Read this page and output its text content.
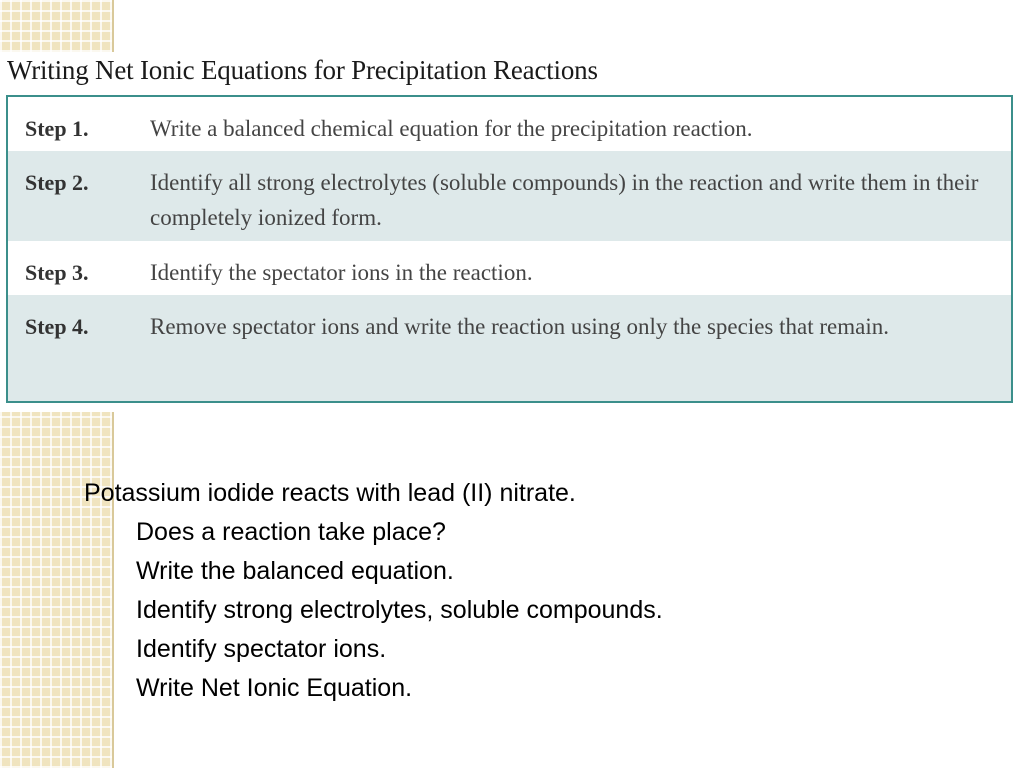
Writing Net Ionic Equations for Precipitation Reactions
Step 1.	Write a balanced chemical equation for the precipitation reaction.
Step 2.	Identify all strong electrolytes (soluble compounds) in the reaction and write them in their completely ionized form.
Step 3.	Identify the spectator ions in the reaction.
Step 4.	Remove spectator ions and write the reaction using only the species that remain.
Potassium iodide reacts with lead (II) nitrate.
Does a reaction take place?
Write the balanced equation.
Identify strong electrolytes, soluble compounds.
Identify spectator ions.
Write Net Ionic Equation.
